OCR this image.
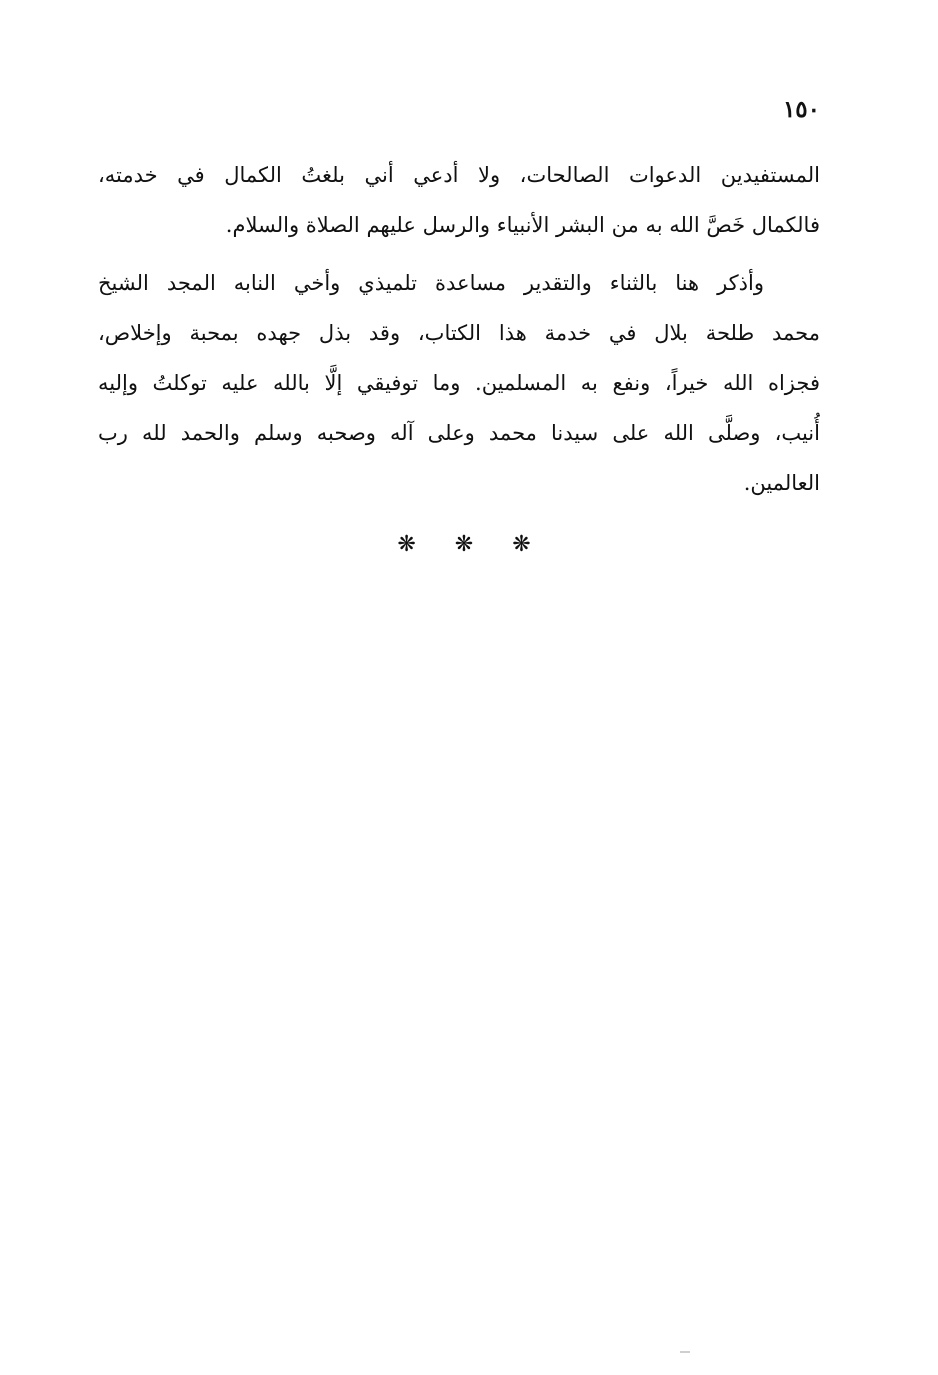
١٥٠
المستفيدين الدعوات الصالحات، ولا أدعي أني بلغتُ الكمال في خدمته،
فالكمال خَصَّ الله به من البشر الأنبياء والرسل عليهم الصلاة والسلام.
وأذكر هنا بالثناء والتقدير مساعدة تلميذي وأخي النابه المجد الشيخ
محمد طلحة بلال في خدمة هذا الكتاب، وقد بذل جهده بمحبة وإخلاص،
فجزاه الله خيراً، ونفع به المسلمين. وما توفيقي إلَّا بالله عليه توكلتُ وإليه
أُنيب، وصلَّى الله على سيدنا محمد وعلى آله وصحبه وسلم والحمد لله رب
العالمين.
❋ ❋ ❋
